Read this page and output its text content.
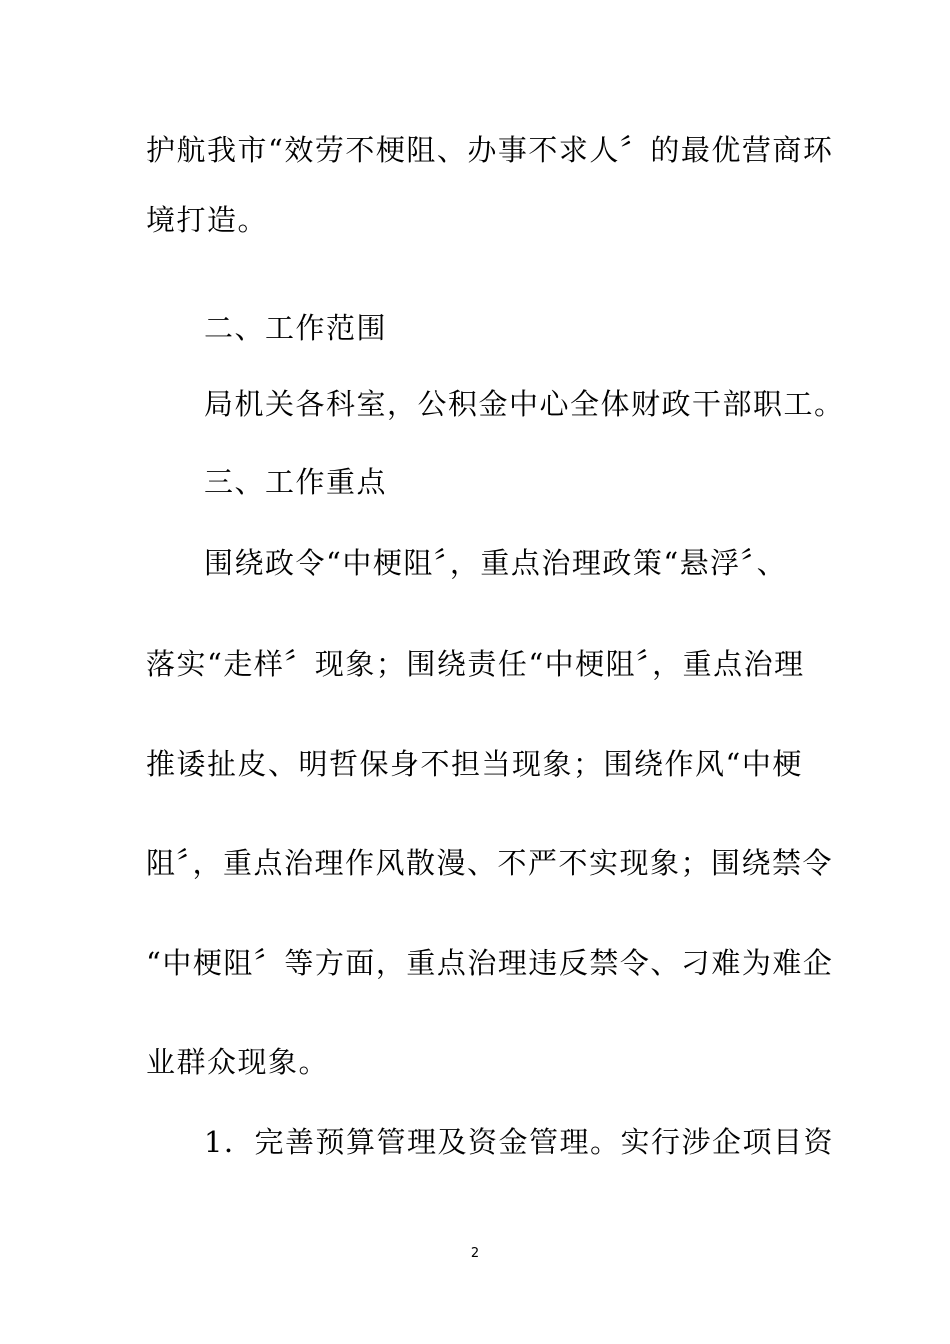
护航我市“效劳不梗阻、办事不求人〞的最优营商环
境打造。
二、工作范围
局机关各科室，公积金中心全体财政干部职工。
三、工作重点
围绕政令“中梗阻〞，重点治理政策“悬浮〞、
落实“走样〞现象；围绕责任“中梗阻〞，重点治理
推诿扯皮、明哲保身不担当现象；围绕作风“中梗
阻〞，重点治理作风散漫、不严不实现象；围绕禁令
“中梗阻〞等方面，重点治理违反禁令、刁难为难企
业群众现象。
1．完善预算管理及资金管理。实行涉企项目资
2
